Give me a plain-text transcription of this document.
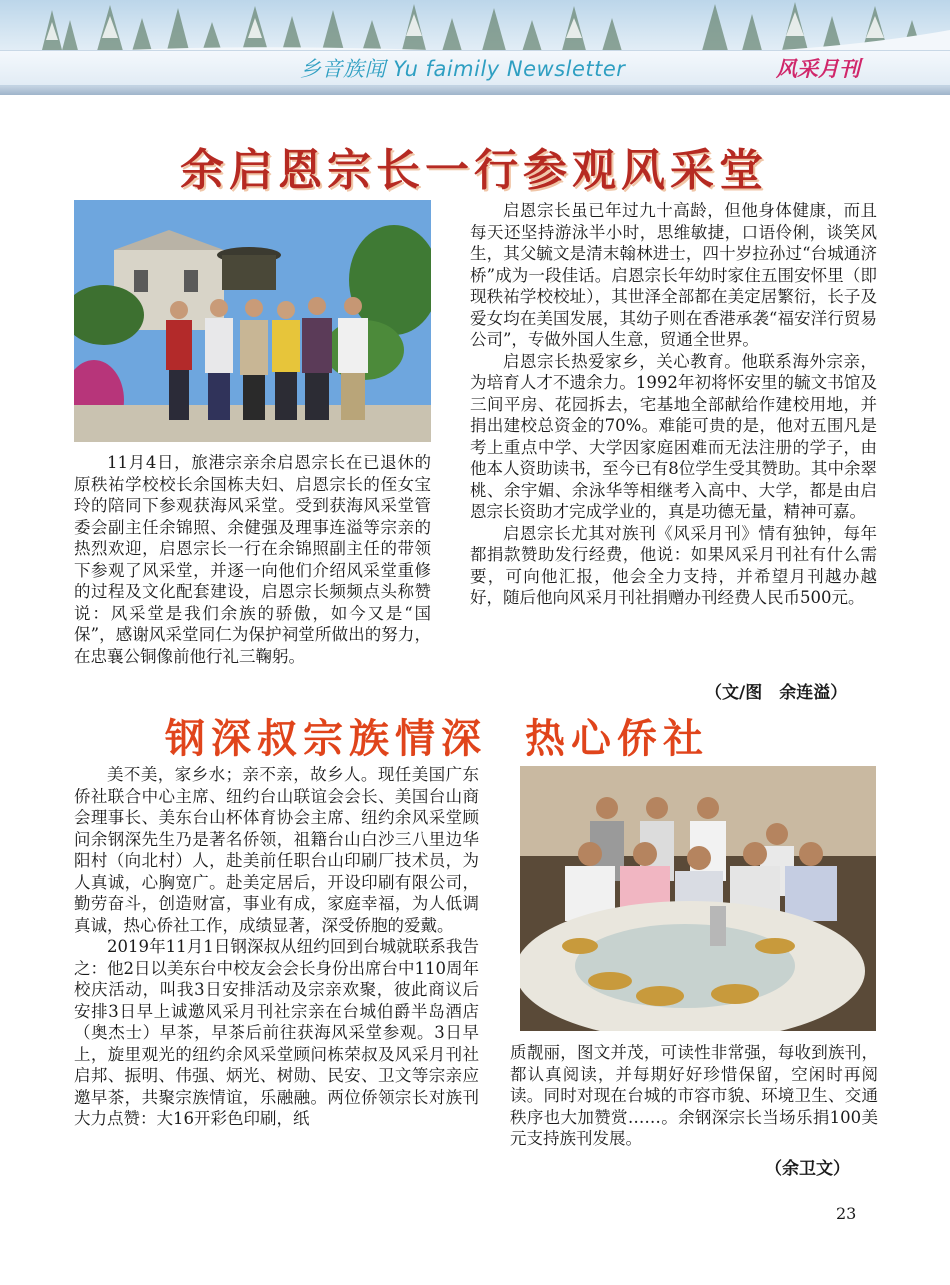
乡音族闻 Yu faimily Newsletter	风采月刊
余启恩宗长一行参观风采堂

11月4日，旅港宗亲余启恩宗长在已退休的原秩祐学校校长余国栋夫妇、启恩宗长的侄女宝玲的陪同下参观获海风采堂。受到获海风采堂管委会副主任余锦照、余健强及理事连溢等宗亲的热烈欢迎，启恩宗长一行在余锦照副主任的带领下参观了风采堂，并逐一向他们介绍风采堂重修的过程及文化配套建设，启恩宗长频频点头称赞说：风采堂是我们余族的骄傲，如今又是“国保”，感谢风采堂同仁为保护祠堂所做出的努力，在忠襄公铜像前他行礼三鞠躬。

启恩宗长虽已年过九十高龄，但他身体健康，而且每天还坚持游泳半小时，思维敏捷，口语伶俐，谈笑风生，其父毓文是清末翰林进士，四十岁拉孙过“台城通济桥”成为一段佳话。启恩宗长年幼时家住五围安怀里（即现秩祐学校校址），其世泽全部都在美定居繁衍，长子及爱女均在美国发展，其幼子则在香港承袭“福安洋行贸易公司”，专做外国人生意，贸通全世界。

启恩宗长热爱家乡，关心教育。他联系海外宗亲，为培育人才不遗余力。1992年初将怀安里的毓文书馆及三间平房、花园拆去，宅基地全部献给作建校用地，并捐出建校总资金的70%。难能可贵的是，他对五围凡是考上重点中学、大学因家庭困难而无法注册的学子，由他本人资助读书，至今已有8位学生受其赞助。其中余翠桃、余宇媚、余泳华等相继考入高中、大学，都是由启恩宗长资助才完成学业的，真是功德无量，精神可嘉。

启恩宗长尤其对族刊《风采月刊》情有独钟，每年都捐款赞助发行经费，他说：如果风采月刊社有什么需要，可向他汇报，他会全力支持，并希望月刊越办越好，随后他向风采月刊社捐赠办刊经费人民币500元。

（文/图　余连溢）
钢深叔宗族情深 热心侨社

美不美，家乡水；亲不亲，故乡人。现任美国广东侨社联合中心主席、纽约台山联谊会会长、美国台山商会理事长、美东台山杯体育协会主席、纽约余风采堂顾问余钢深先生乃是著名侨领，祖籍台山白沙三八里边华阳村（向北村）人，赴美前任职台山印刷厂技术员，为人真诚，心胸宽广。赴美定居后，开设印刷有限公司，勤劳奋斗，创造财富，事业有成，家庭幸福，为人低调真诚，热心侨社工作，成绩显著，深受侨胞的爱戴。

2019年11月1日钢深叔从纽约回到台城就联系我告之：他2日以美东台中校友会会长身份出席台中110周年校庆活动，叫我3日安排活动及宗亲欢聚，彼此商议后安排3日早上诚邀风采月刊社宗亲在台城伯爵半岛酒店（奥杰士）早茶，早茶后前往获海风采堂参观。3日早上，旋里观光的纽约余风采堂顾问栋荣叔及风采月刊社启邦、振明、伟强、炳光、树勋、民安、卫文等宗亲应邀早茶，共聚宗族情谊，乐融融。两位侨领宗长对族刊大力点赞：大16开彩色印刷，纸

质靓丽，图文并茂，可读性非常强，每收到族刊，都认真阅读，并每期好好珍惜保留，空闲时再阅读。同时对现在台城的市容市貌、环境卫生、交通秩序也大加赞赏……。余钢深宗长当场乐捐100美元支持族刊发展。

（余卫文）
23
